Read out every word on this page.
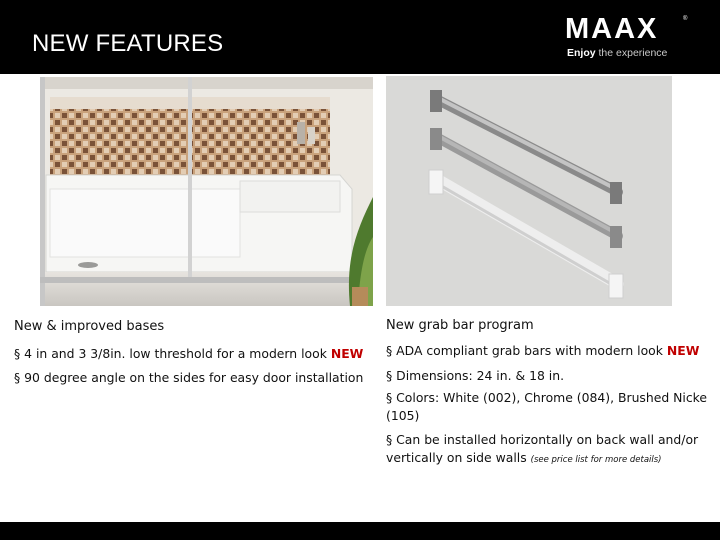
NEW FEATURES	MAAX	®
Enjoy the experience
New & improved bases
§ 4 in and 3 3/8in. low threshold for a modern look NEW
§ 90 degree angle on the sides for easy door installation
New grab bar program
§ ADA compliant grab bars with modern look NEW
§ Dimensions: 24 in. & 18 in.
§ Colors: White (002), Chrome (084), Brushed Nicke
(105)
§ Can be installed horizontally on back wall and/or
vertically on side walls (see price list for more details)
